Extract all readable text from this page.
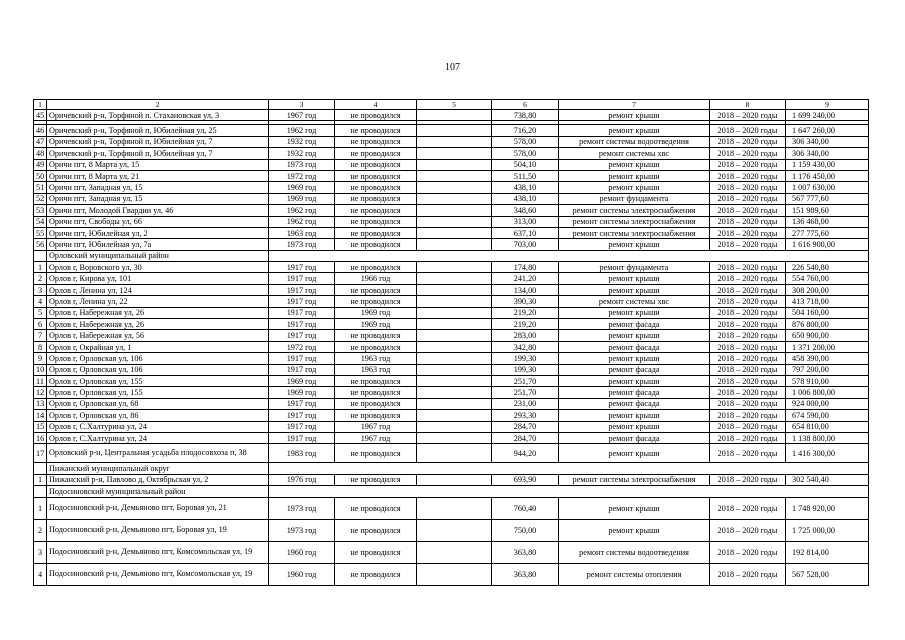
107
1	2	3	4	5	6	7	8	9
45	Оричевский р-н, Торфяной п. Стахановская ул, 3	1967 год	не проводился		738,80	ремонт крыши	2018 – 2020 годы	1 699 240,00

46	Оричевский р-н, Торфяной п, Юбилейная ул, 25	1962 год	не проводился		716,20	ремонт крыши	2018 – 2020 годы	1 647 260,00
47	Оричевский р-н, Торфяной п, Юбилейная ул, 7	1932 год	не проводился		578,00	ремонт системы водоотведения	2018 – 2020 годы	306 340,00
48	Оричевский р-н, Торфяной п, Юбилейная ул, 7	1932 год	не проводился		578,00	ремонт системы хвс	2018 – 2020 годы	306 340,00
49	Оричи пгт, 8 Марта ул, 15	1973 год	не проводился		504,10	ремонт крыши	2018 – 2020 годы	1 159 430,00
50	Оричи пгт, 8 Марта ул, 21	1972 год	не проводился		511,50	ремонт крыши	2018 – 2020 годы	1 176 450,00
51	Оричи пгт, Западная ул, 15	1969 год	не проводился		438,10	ремонт крыши	2018 – 2020 годы	1 007 630,00
52	Оричи пгт, Западная ул, 15	1969 год	не проводился		438,10	ремонт фундамента	2018 – 2020 годы	567 777,60
53	Оричи пгт, Молодой Гвардии ул, 46	1962 год	не проводился		348,60	ремонт системы электроснабжения	2018 – 2020 годы	151 989,60
54	Оричи пгт, Свободы ул, 66	1962 год	не проводился		313,00	ремонт системы электроснабжения	2018 – 2020 годы	136 468,00
55	Оричи пгт, Юбилейная ул, 2	1963 год	не проводился		637,10	ремонт системы электроснабжения	2018 – 2020 годы	277 775,60
56	Оричи пгт, Юбилейная ул, 7а	1973 год	не проводился		703,00	ремонт крыши	2018 – 2020 годы	1 616 900,00
	Орловский муниципальный район							
1	Орлов г, Воровского ул, 30	1917 год	не проводился		174,80	ремонт фундамента	2018 – 2020 годы	226 540,80
2	Орлов г, Кирова ул, 101	1917 год	1966 год		241,20	ремонт крыши	2018 – 2020 годы	554 760,00
3	Орлов г, Ленина ул, 124	1917 год	не проводился		134,00	ремонт крыши	2018 – 2020 годы	308 200,00
4	Орлов г, Ленина ул, 22	1917 год	не проводился		390,30	ремонт системы хвс	2018 – 2020 годы	413 718,00
5	Орлов г, Набережная ул, 26	1917 год	1969 год		219,20	ремонт крыши	2018 – 2020 годы	504 160,00
6	Орлов г, Набережная ул, 26	1917 год	1969 год		219,20	ремонт фасада	2018 – 2020 годы	876 800,00
7	Орлов г, Набережная ул, 56	1917 год	не проводился		283,00	ремонт крыши	2018 – 2020 годы	650 900,00
8	Орлов г, Окрайная ул, 1	1972 год	не проводился		342,80	ремонт фасада	2018 – 2020 годы	1 371 200,00
9	Орлов г, Орловская ул, 106	1917 год	1963 год		199,30	ремонт крыши	2018 – 2020 годы	458 390,00
10	Орлов г, Орловская ул, 106	1917 год	1963 год		199,30	ремонт фасада	2018 – 2020 годы	797 200,00
11	Орлов г, Орловская ул, 155	1969 год	не проводился		251,70	ремонт крыши	2018 – 2020 годы	578 910,00
12	Орлов г, Орловская ул, 155	1969 год	не проводился		251,70	ремонт фасада	2018 – 2020 годы	1 006 800,00
13	Орлов г, Орловская ул, 68	1917 год	не проводился		231,00	ремонт фасада	2018 – 2020 годы	924 000,00
14	Орлов г, Орловская ул, 86	1917 год	не проводился		293,30	ремонт крыши	2018 – 2020 годы	674 590,00
15	Орлов г, С.Халтурина ул, 24	1917 год	1967 год		284,70	ремонт крыши	2018 – 2020 годы	654 810,00
16	Орлов г, С.Халтурина ул, 24	1917 год	1967 год		284,70	ремонт фасада	2018 – 2020 годы	1 138 800,00
17	Орловский р-н, Центральная усадьба плодосовхоза п, 38	1983 год	не проводился		944,20	ремонт крыши	2018 – 2020 годы	1 416 300,00
	Пижанский муниципальный округ							
1	Пижанский р-н, Павлово д, Октябрьская ул, 2	1976 год	не проводился		693,90	ремонт системы электроснабжения	2018 – 2020 годы	302 540,40
	Подосиновский муниципальный район							
1	Подосиновский р-н, Демьяново пгт, Боровая ул, 21	1973 год	не проводился		760,40	ремонт крыши	2018 – 2020 годы	1 748 920,00
2	Подосиновский р-н, Демьяново пгт, Боровая ул, 19	1973 год	не проводился		750,00	ремонт крыши	2018 – 2020 годы	1 725 000,00
3	Подосиновский р-н, Демьяново пгт, Комсомольская ул, 19	1960 год	не проводился		363,80	ремонт системы водоотведения	2018 – 2020 годы	192 814,00
4	Подосиновский р-н, Демьяново пгт, Комсомольская ул, 19	1960 год	не проводился		363,80	ремонт системы отопления	2018 – 2020 годы	567 528,00
